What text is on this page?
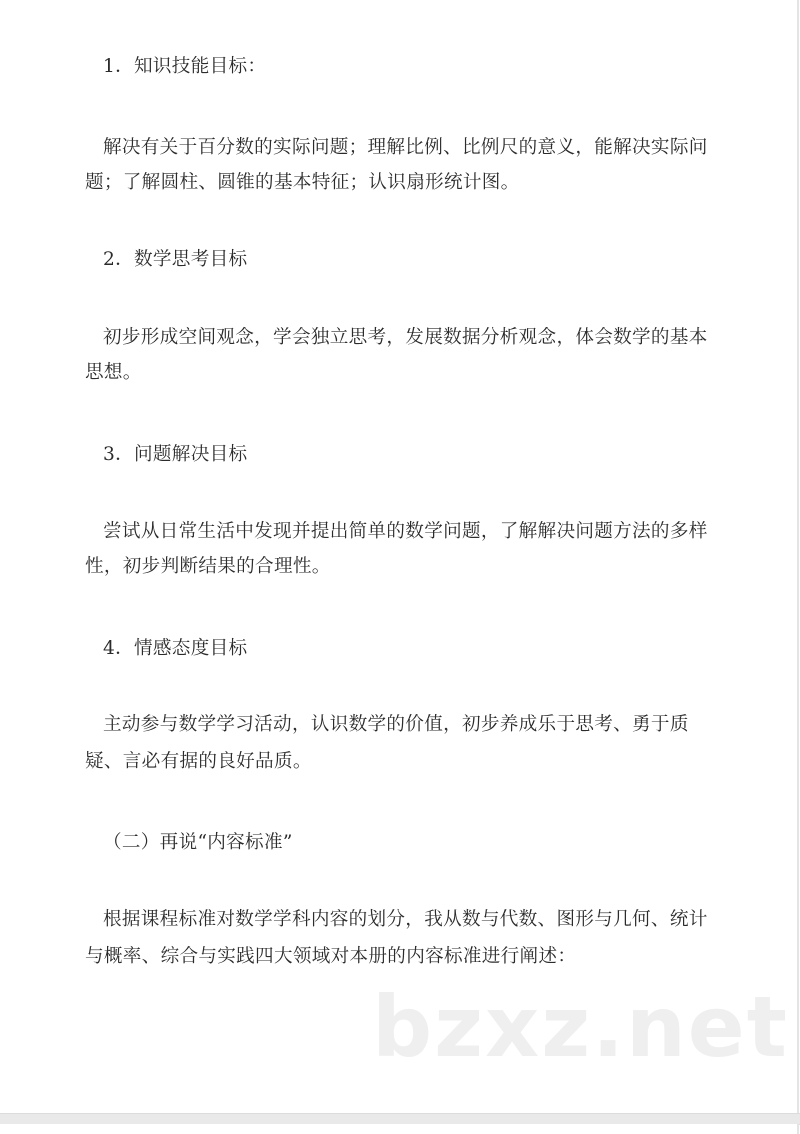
1．知识技能目标：
解决有关于百分数的实际问题；理解比例、比例尺的意义，能解决实际问
题；了解圆柱、圆锥的基本特征；认识扇形统计图。
2．数学思考目标
初步形成空间观念，学会独立思考，发展数据分析观念，体会数学的基本
思想。
3．问题解决目标
尝试从日常生活中发现并提出简单的数学问题，了解解决问题方法的多样
性，初步判断结果的合理性。
4．情感态度目标
主动参与数学学习活动，认识数学的价值，初步养成乐于思考、勇于质
疑、言必有据的良好品质。
（二）再说“内容标准”
根据课程标准对数学学科内容的划分，我从数与代数、图形与几何、统计
与概率、综合与实践四大领域对本册的内容标准进行阐述：
bzxz.net
